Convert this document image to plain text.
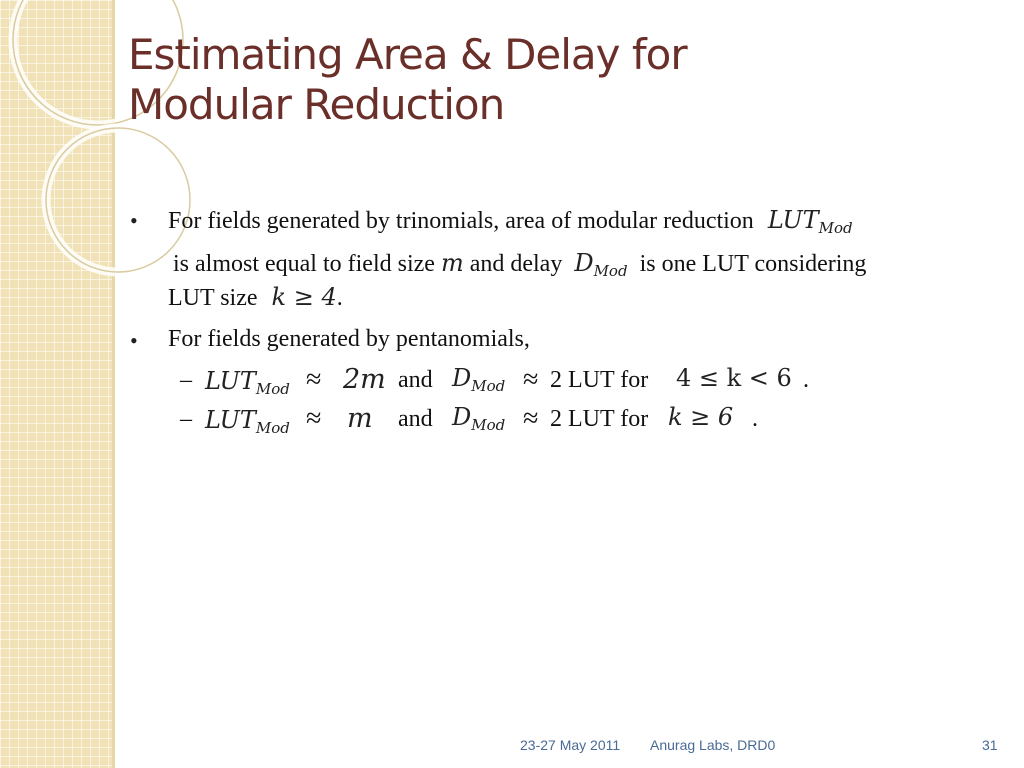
Estimating Area & Delay for
Modular Reduction
• For fields generated by trinomials, area of modular reduction $LUT_{Mod}$
is almost equal to field size m and delay $D_{Mod}$ is one LUT considering
LUT size k ≥ 4.
• For fields generated by pentanomials,
– $LUT_{Mod} \approx 2m$ and $D_{Mod} \approx 2$ LUT for 4 ≤ k < 6 .
– $LUT_{Mod} \approx m$ and $D_{Mod} \approx 2$ LUT for k ≥ 6 .
23-27 May 2011 Anurag Labs, DRD0	31
